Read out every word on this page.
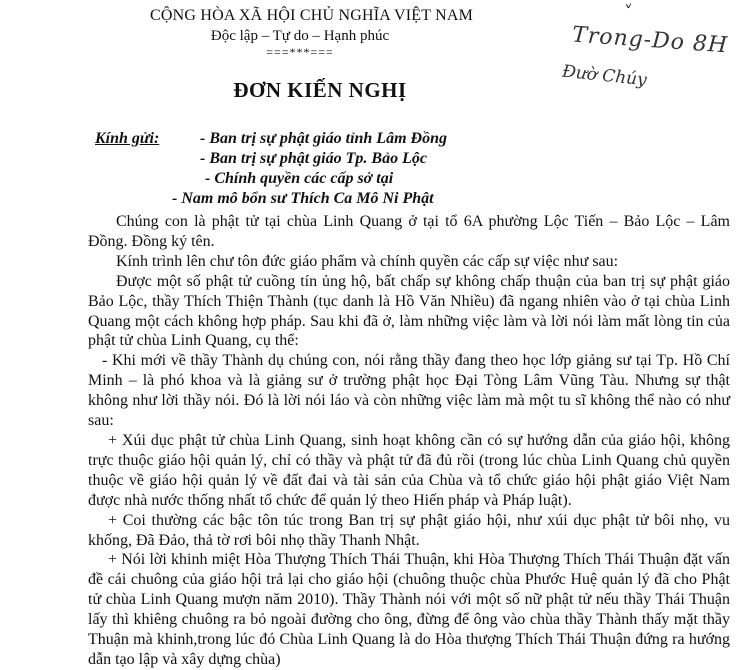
CỘNG HÒA XÃ HỘI CHỦ NGHĨA VIỆT NAM
Độc lập – Tự do – Hạnh phúc
===***===
˅
Trong-Do 8H
Đườ Chúy
ĐƠN KIẾN NGHỊ
Kính gửi:	- Ban trị sự phật giáo tỉnh Lâm Đồng
- Ban trị sự phật giáo Tp. Bảo Lộc
- Chính quyền các cấp sở tại
- Nam mô bổn sư Thích Ca Mô Ni Phật

Chúng con là phật tử tại chùa Linh Quang ở tại tổ 6A phường Lộc Tiến – Bảo Lộc – Lâm Đồng. Đồng ký tên.

Kính trình lên chư tôn đức giáo phẩm và chính quyền các cấp sự việc như sau:

Được một số phật tử cuồng tín ủng hộ, bất chấp sự không chấp thuận của ban trị sự phật giáo Bảo Lộc, thầy Thích Thiện Thành (tục danh là Hồ Văn Nhiều) đã ngang nhiên vào ở tại chùa Linh Quang một cách không hợp pháp. Sau khi đã ở, làm những việc làm và lời nói làm mất lòng tin của phật tử chùa Linh Quang, cụ thể:

- Khi mới về thầy Thành dụ chúng con, nói rằng thầy đang theo học lớp giảng sư tại Tp. Hồ Chí Minh – là phó khoa và là giảng sư ở trường phật học Đại Tòng Lâm Vũng Tàu. Nhưng sự thật không như lời thầy nói. Đó là lời nói láo và còn những việc làm mà một tu sĩ không thể nào có như sau:

+ Xúi dục phật tử chùa Linh Quang, sinh hoạt không cần có sự hướng dẫn của giáo hội, không trực thuộc giáo hội quản lý, chỉ có thầy và phật tử đã đủ rồi (trong lúc chùa Linh Quang chủ quyền thuộc về giáo hội quản lý về đất đai và tài sản của Chùa và tổ chức giáo hội phật giáo Việt Nam được nhà nước thống nhất tổ chức để quản lý theo Hiến pháp và Pháp luật).

+ Coi thường các bậc tôn túc trong Ban trị sự phật giáo hội, như xúi dục phật tử bôi nhọ, vu khống, Đã Đảo, thả tờ rơi bôi nhọ thầy Thanh Nhật.

+ Nói lời khinh miệt Hòa Thượng Thích Thái Thuận, khi Hòa Thượng Thích Thái Thuận đặt vấn đề cái chuông của giáo hội trả lại cho giáo hội (chuông thuộc chùa Phước Huệ quản lý đã cho Phật tử chùa Linh Quang mượn năm 2010). Thầy Thành nói với một số nữ phật tử nếu thầy Thái Thuận lấy thì khiêng chuông ra bỏ ngoài đường cho ông, đừng để ông vào chùa thầy Thành thấy mặt thầy Thuận mà khinh,trong lúc đó Chùa Linh Quang là do Hòa thượng Thích Thái Thuận đứng ra hướng dẫn tạo lập và xây dựng chùa)
